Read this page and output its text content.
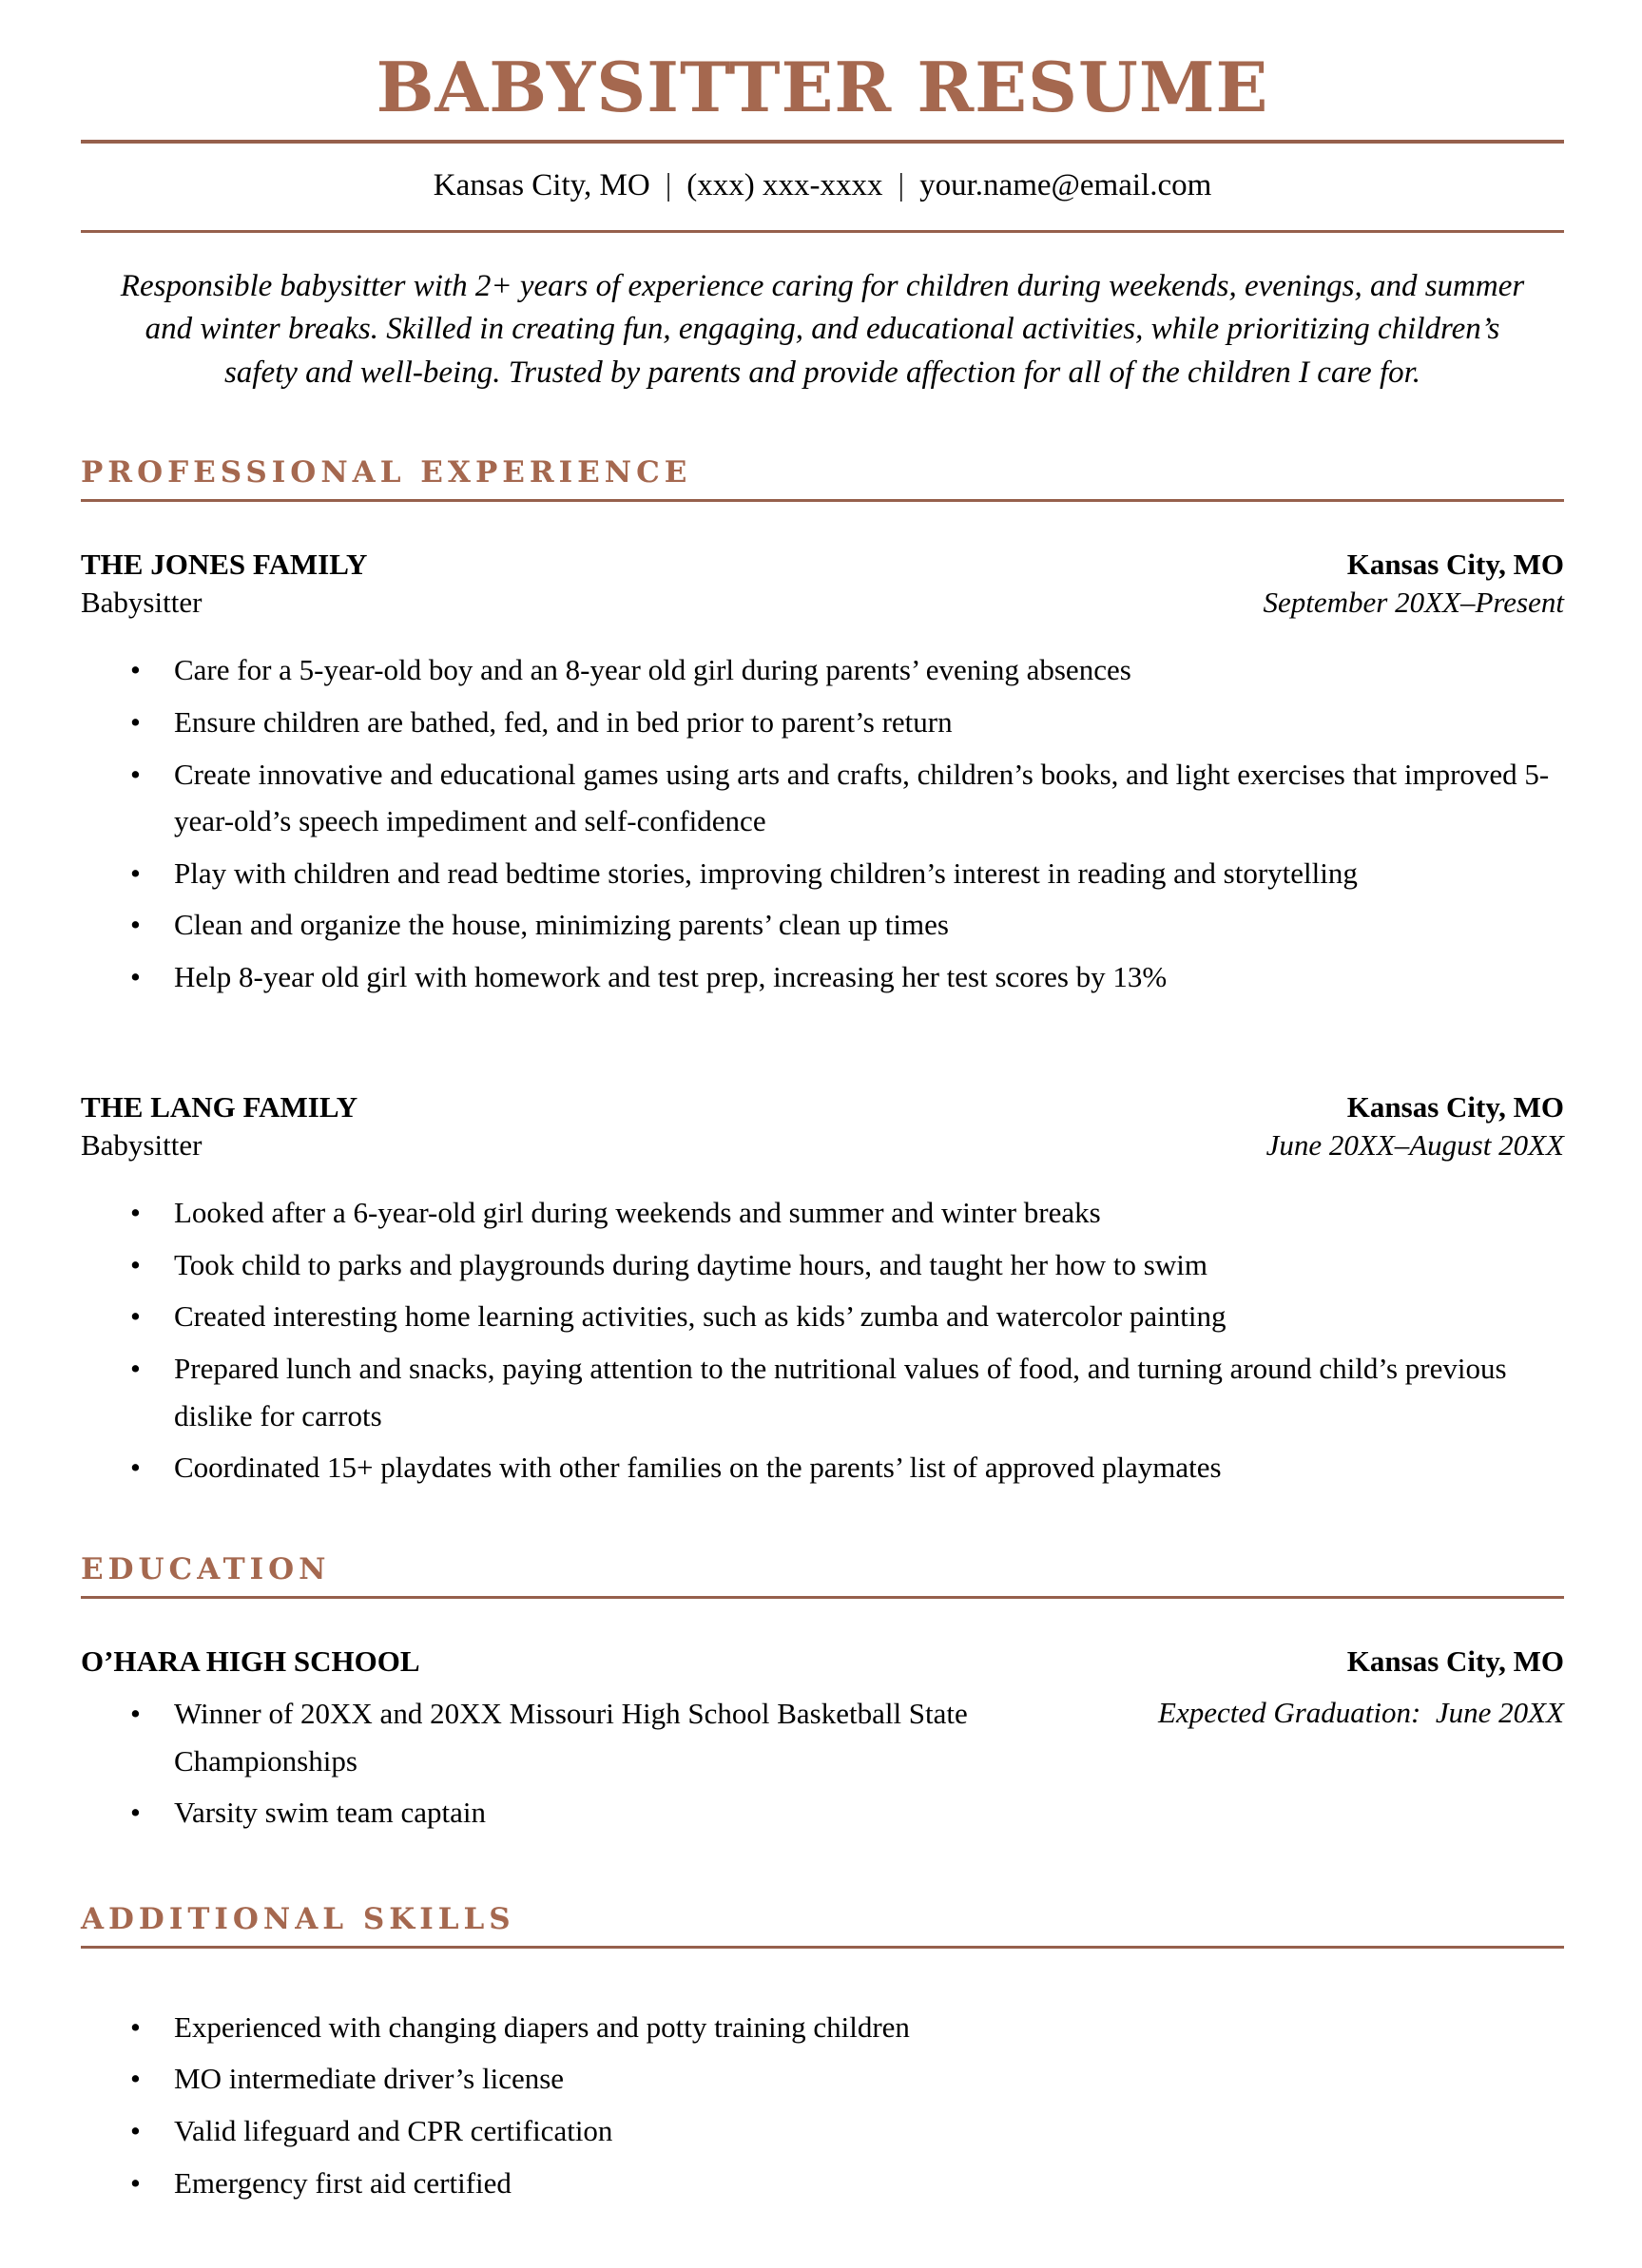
BABYSITTER RESUME
Kansas City, MO | (xxx) xxx-xxxx | your.name@email.com
Responsible babysitter with 2+ years of experience caring for children during weekends, evenings, and summer
and winter breaks. Skilled in creating fun, engaging, and educational activities, while prioritizing children’s
safety and well-being. Trusted by parents and provide affection for all of the children I care for.
PROFESSIONAL EXPERIENCE
THE JONES FAMILY	Kansas City, MO
Babysitter	September 20XX–Present
• Care for a 5-year-old boy and an 8-year old girl during parents’ evening absences
• Ensure children are bathed, fed, and in bed prior to parent’s return
• Create innovative and educational games using arts and crafts, children’s books, and light exercises that improved 5-year-old’s speech impediment and self-confidence
• Play with children and read bedtime stories, improving children’s interest in reading and storytelling
• Clean and organize the house, minimizing parents’ clean up times
• Help 8-year old girl with homework and test prep, increasing her test scores by 13%
THE LANG FAMILY	Kansas City, MO
Babysitter	June 20XX–August 20XX
• Looked after a 6-year-old girl during weekends and summer and winter breaks
• Took child to parks and playgrounds during daytime hours, and taught her how to swim
• Created interesting home learning activities, such as kids’ zumba and watercolor painting
• Prepared lunch and snacks, paying attention to the nutritional values of food, and turning around child’s previous dislike for carrots
• Coordinated 15+ playdates with other families on the parents’ list of approved playmates
EDUCATION
O’HARA HIGH SCHOOL	Kansas City, MO
• Winner of 20XX and 20XX Missouri High School Basketball State Championships
• Varsity swim team captain
Expected Graduation:  June 20XX
ADDITIONAL SKILLS
• Experienced with changing diapers and potty training children
• MO intermediate driver’s license
• Valid lifeguard and CPR certification
• Emergency first aid certified
